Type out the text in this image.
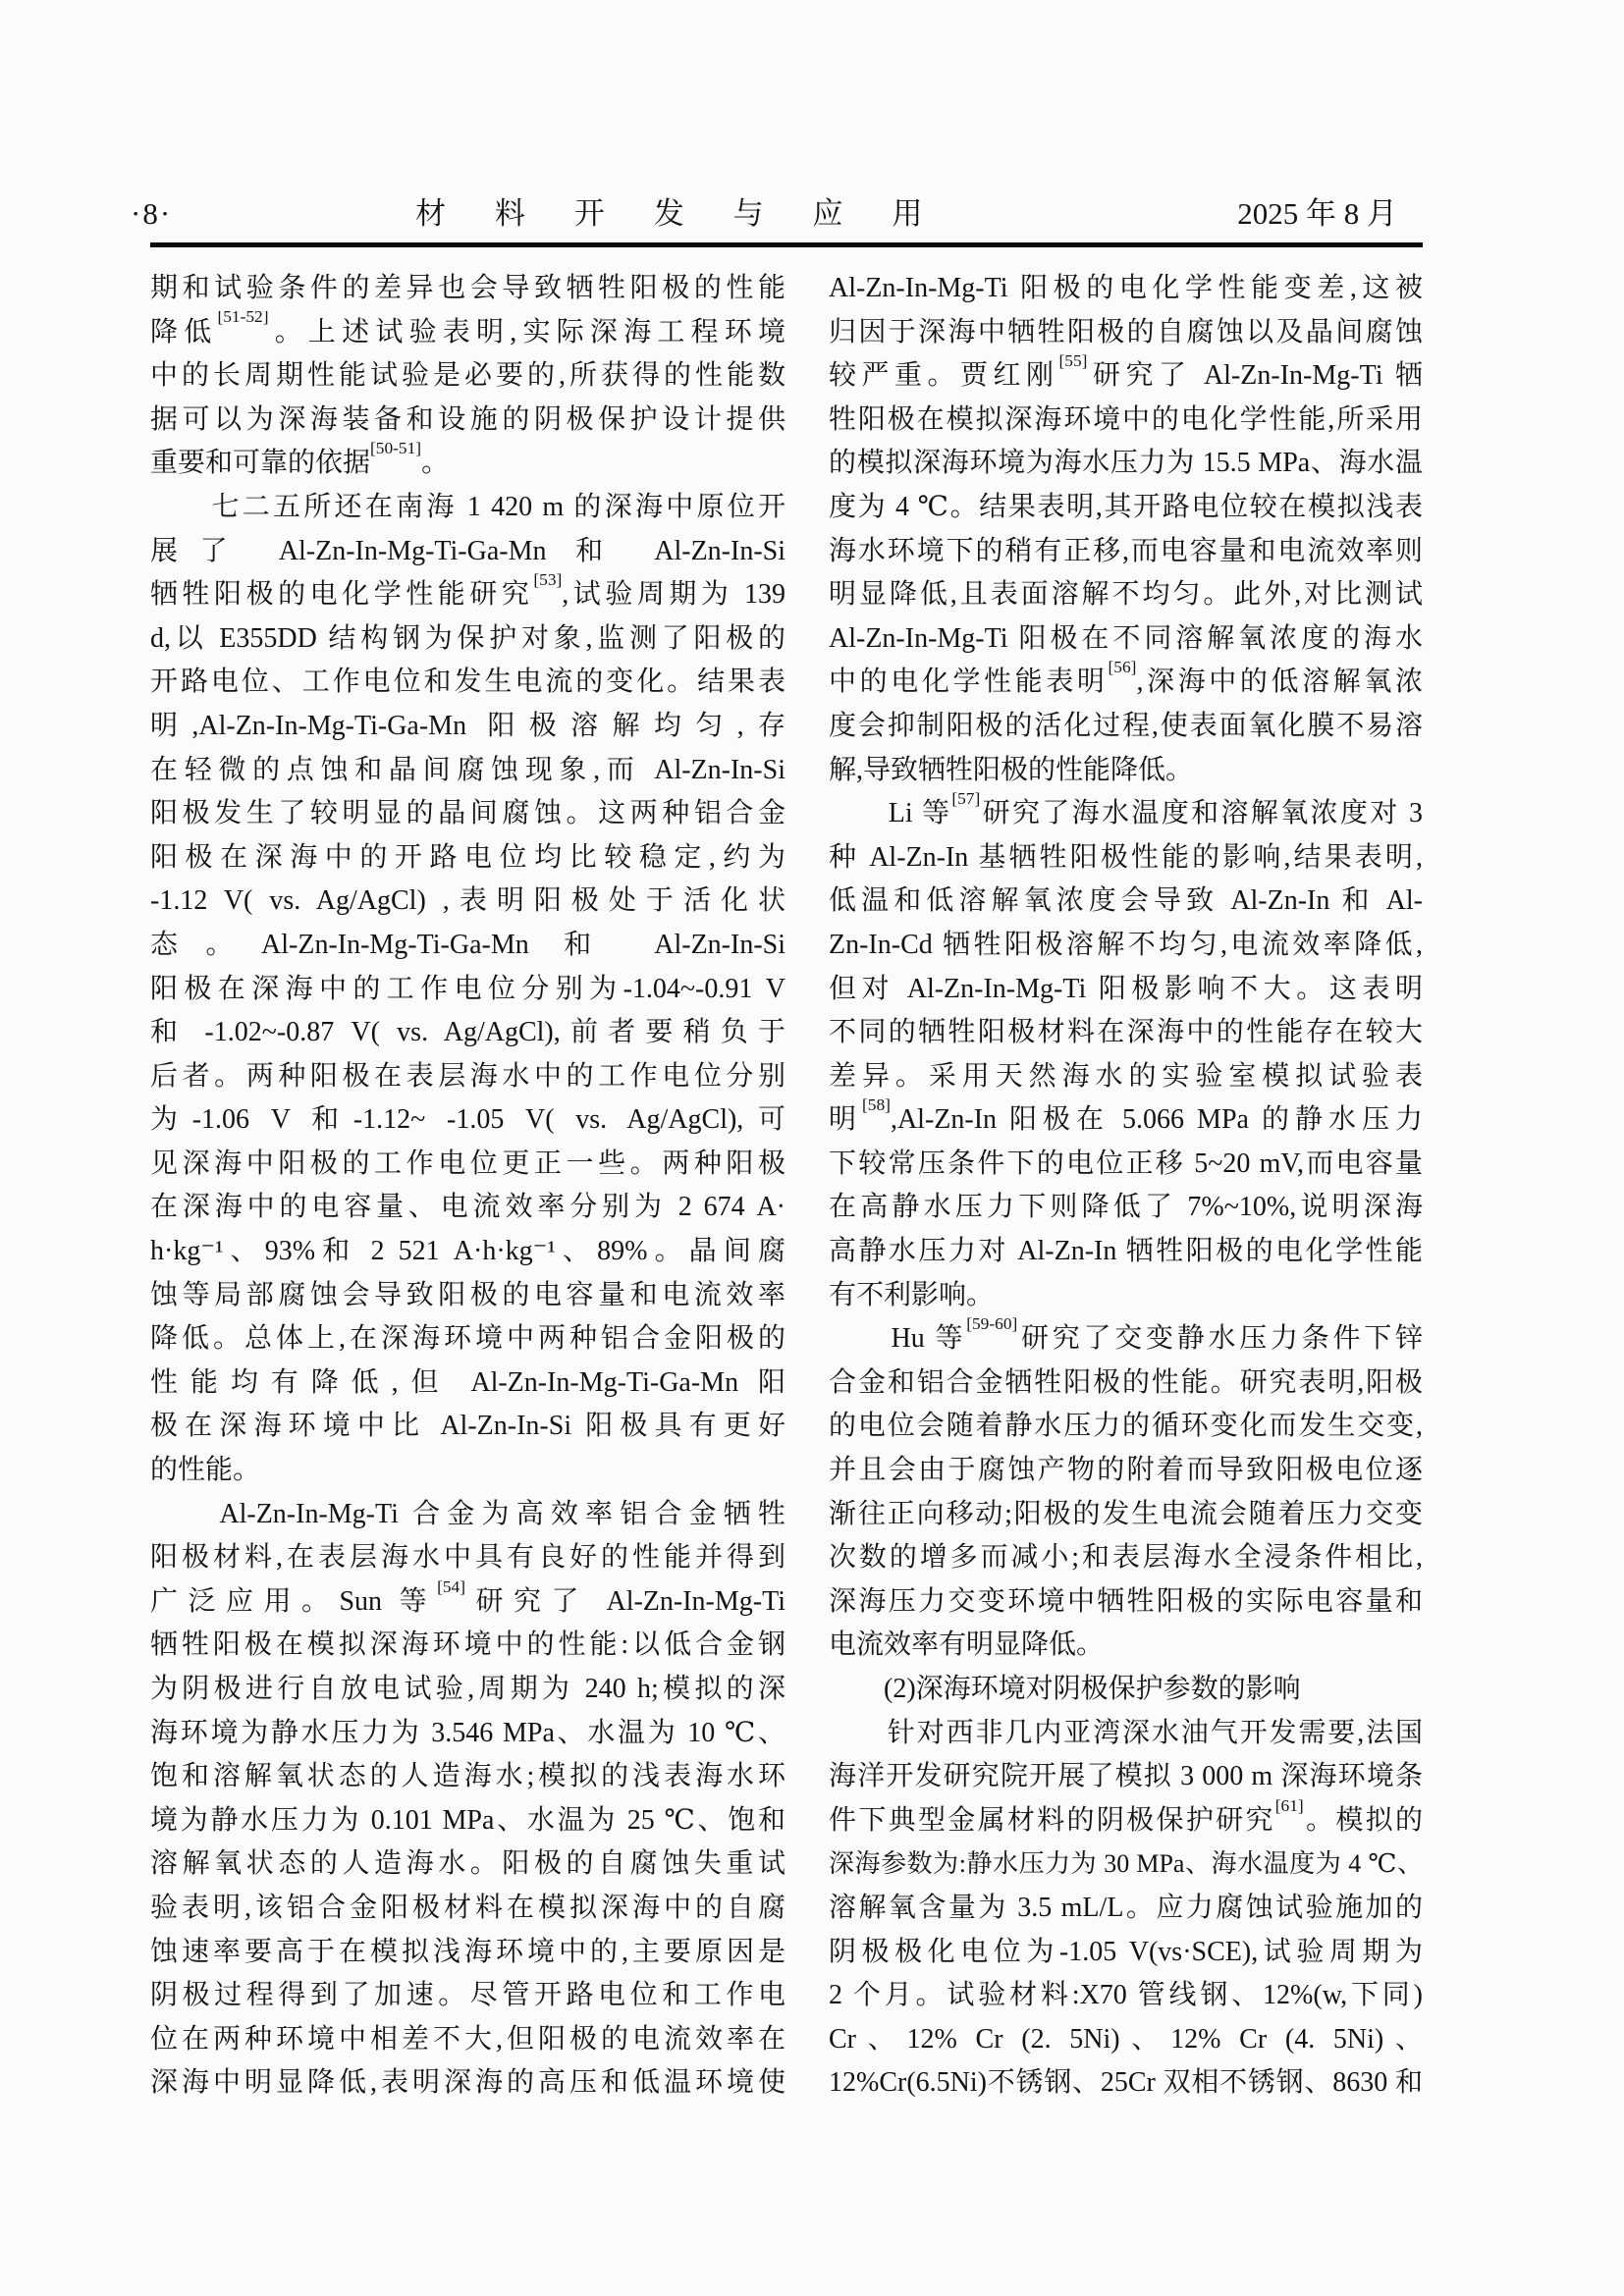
·8·	材 料 开 发 与 应 用	2025 年 8 月
期和试验条件的差异也会导致牺牲阳极的性能
降低[51-52]。上述试验表明,实际深海工程环境
中的长周期性能试验是必要的,所获得的性能数
据可以为深海装备和设施的阴极保护设计提供
重要和可靠的依据[50-51]。
　　七二五所还在南海 1 420 m 的深海中原位开
展了 Al-Zn-In-Mg-Ti-Ga-Mn 和 Al-Zn-In-Si
牺牲阳极的电化学性能研究[53],试验周期为 139
d,以 E355DD 结构钢为保护对象,监测了阳极的
开路电位、工作电位和发生电流的变化。结果表
明,Al-Zn-In-Mg-Ti-Ga-Mn 阳极溶解均匀,存
在轻微的点蚀和晶间腐蚀现象,而 Al-Zn-In-Si
阳极发生了较明显的晶间腐蚀。这两种铝合金
阳极在深海中的开路电位均比较稳定,约为
-1.12 V( vs. Ag/AgCl) ,表明阳极处于活化状
态。Al-Zn-In-Mg-Ti-Ga-Mn 和 Al-Zn-In-Si
阳极在深海中的工作电位分别为-1.04~-0.91 V
和 -1.02~-0.87 V( vs. Ag/AgCl),前者要稍负于
后者。两种阳极在表层海水中的工作电位分别
为-1.06 V 和-1.12~ -1.05 V( vs. Ag/AgCl),可
见深海中阳极的工作电位更正一些。两种阳极
在深海中的电容量、电流效率分别为 2 674 A·
h·kg⁻¹、93%和 2 521 A·h·kg⁻¹、89%。晶间腐
蚀等局部腐蚀会导致阳极的电容量和电流效率
降低。总体上,在深海环境中两种铝合金阳极的
性能均有降低,但 Al-Zn-In-Mg-Ti-Ga-Mn 阳
极在深海环境中比 Al-Zn-In-Si 阳极具有更好
的性能。
　　Al-Zn-In-Mg-Ti 合金为高效率铝合金牺牲
阳极材料,在表层海水中具有良好的性能并得到
广泛应用。Sun 等[54]研究了 Al-Zn-In-Mg-Ti
牺牲阳极在模拟深海环境中的性能:以低合金钢
为阴极进行自放电试验,周期为 240 h;模拟的深
海环境为静水压力为 3.546 MPa、水温为 10 ℃、
饱和溶解氧状态的人造海水;模拟的浅表海水环
境为静水压力为 0.101 MPa、水温为 25 ℃、饱和
溶解氧状态的人造海水。阳极的自腐蚀失重试
验表明,该铝合金阳极材料在模拟深海中的自腐
蚀速率要高于在模拟浅海环境中的,主要原因是
阴极过程得到了加速。尽管开路电位和工作电
位在两种环境中相差不大,但阳极的电流效率在
深海中明显降低,表明深海的高压和低温环境使
Al-Zn-In-Mg-Ti 阳极的电化学性能变差,这被
归因于深海中牺牲阳极的自腐蚀以及晶间腐蚀
较严重。贾红刚[55]研究了 Al-Zn-In-Mg-Ti 牺
牲阳极在模拟深海环境中的电化学性能,所采用
的模拟深海环境为海水压力为 15.5 MPa、海水温
度为 4 ℃。结果表明,其开路电位较在模拟浅表
海水环境下的稍有正移,而电容量和电流效率则
明显降低,且表面溶解不均匀。此外,对比测试
Al-Zn-In-Mg-Ti 阳极在不同溶解氧浓度的海水
中的电化学性能表明[56],深海中的低溶解氧浓
度会抑制阳极的活化过程,使表面氧化膜不易溶
解,导致牺牲阳极的性能降低。
　　Li 等[57]研究了海水温度和溶解氧浓度对 3
种 Al-Zn-In 基牺牲阳极性能的影响,结果表明,
低温和低溶解氧浓度会导致 Al-Zn-In 和 Al-
Zn-In-Cd 牺牲阳极溶解不均匀,电流效率降低,
但对 Al-Zn-In-Mg-Ti 阳极影响不大。这表明
不同的牺牲阳极材料在深海中的性能存在较大
差异。采用天然海水的实验室模拟试验表
明[58],Al-Zn-In 阳极在 5.066 MPa 的静水压力
下较常压条件下的电位正移 5~20 mV,而电容量
在高静水压力下则降低了 7%~10%,说明深海
高静水压力对 Al-Zn-In 牺牲阳极的电化学性能
有不利影响。
　　Hu 等[59-60]研究了交变静水压力条件下锌
合金和铝合金牺牲阳极的性能。研究表明,阳极
的电位会随着静水压力的循环变化而发生交变,
并且会由于腐蚀产物的附着而导致阳极电位逐
渐往正向移动;阳极的发生电流会随着压力交变
次数的增多而减小;和表层海水全浸条件相比,
深海压力交变环境中牺牲阳极的实际电容量和
电流效率有明显降低。
　　(2)深海环境对阴极保护参数的影响
　　针对西非几内亚湾深水油气开发需要,法国
海洋开发研究院开展了模拟 3 000 m 深海环境条
件下典型金属材料的阴极保护研究[61]。模拟的
深海参数为:静水压力为 30 MPa、海水温度为 4 ℃、
溶解氧含量为 3.5 mL/L。应力腐蚀试验施加的
阴极极化电位为-1.05 V(vs·SCE),试验周期为
2 个月。试验材料:X70 管线钢、12%(w,下同)
Cr、12% Cr (2. 5Ni)、12% Cr (4. 5Ni)、
12%Cr(6.5Ni)不锈钢、25Cr 双相不锈钢、8630 和
